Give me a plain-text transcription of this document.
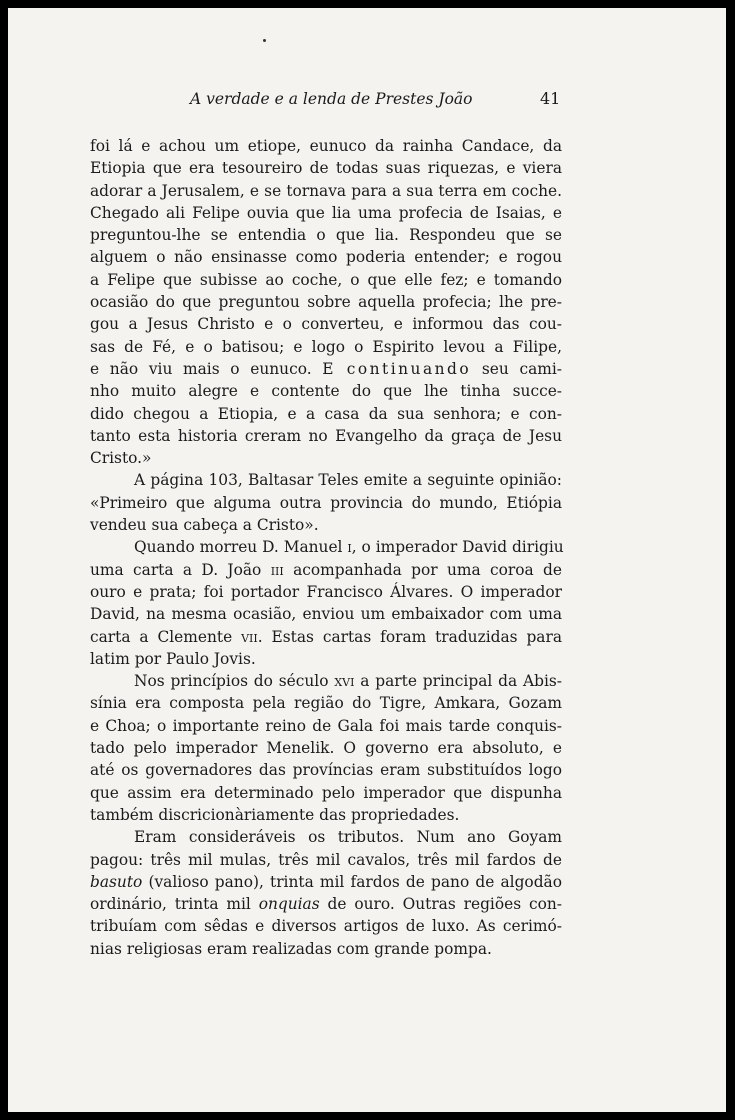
A verdade e a lenda de Prestes João	41
foi lá e achou um etiope, eunuco da rainha Candace, da
Etiopia que era tesoureiro de todas suas riquezas, e viera
adorar a Jerusalem, e se tornava para a sua terra em coche.
Chegado ali Felipe ouvia que lia uma profecia de Isaias, e
preguntou-lhe se entendia o que lia. Respondeu que se
alguem o não ensinasse como poderia entender; e rogou
a Felipe que subisse ao coche, o que elle fez; e tomando
ocasião do que preguntou sobre aquella profecia; lhe pre-
gou a Jesus Christo e o converteu, e informou das cou-
sas de Fé, e o batisou; e logo o Espirito levou a Filipe,
e não viu mais o eunuco. E continuando seu cami-
nho muito alegre e contente do que lhe tinha succe-
dido chegou a Etiopia, e a casa da sua senhora; e con-
tanto esta historia creram no Evangelho da graça de Jesu
Cristo.»
A página 103, Baltasar Teles emite a seguinte opinião:
«Primeiro que alguma outra provincia do mundo, Etiópia
vendeu sua cabeça a Cristo».
Quando morreu D. Manuel i, o imperador David dirigiu
uma carta a D. João iii acompanhada por uma coroa de
ouro e prata; foi portador Francisco Álvares. O imperador
David, na mesma ocasião, enviou um embaixador com uma
carta a Clemente vii. Estas cartas foram traduzidas para
latim por Paulo Jovis.
Nos princípios do século xvi a parte principal da Abis-
sínia era composta pela região do Tigre, Amkara, Gozam
e Choa; o importante reino de Gala foi mais tarde conquis-
tado pelo imperador Menelik. O governo era absoluto, e
até os governadores das províncias eram substituídos logo
que assim era determinado pelo imperador que dispunha
também discricionàriamente das propriedades.
Eram consideráveis os tributos. Num ano Goyam
pagou: três mil mulas, três mil cavalos, três mil fardos de
basuto (valioso pano), trinta mil fardos de pano de algodão
ordinário, trinta mil onquias de ouro. Outras regiões con-
tribuíam com sêdas e diversos artigos de luxo. As cerimó-
nias religiosas eram realizadas com grande pompa.
